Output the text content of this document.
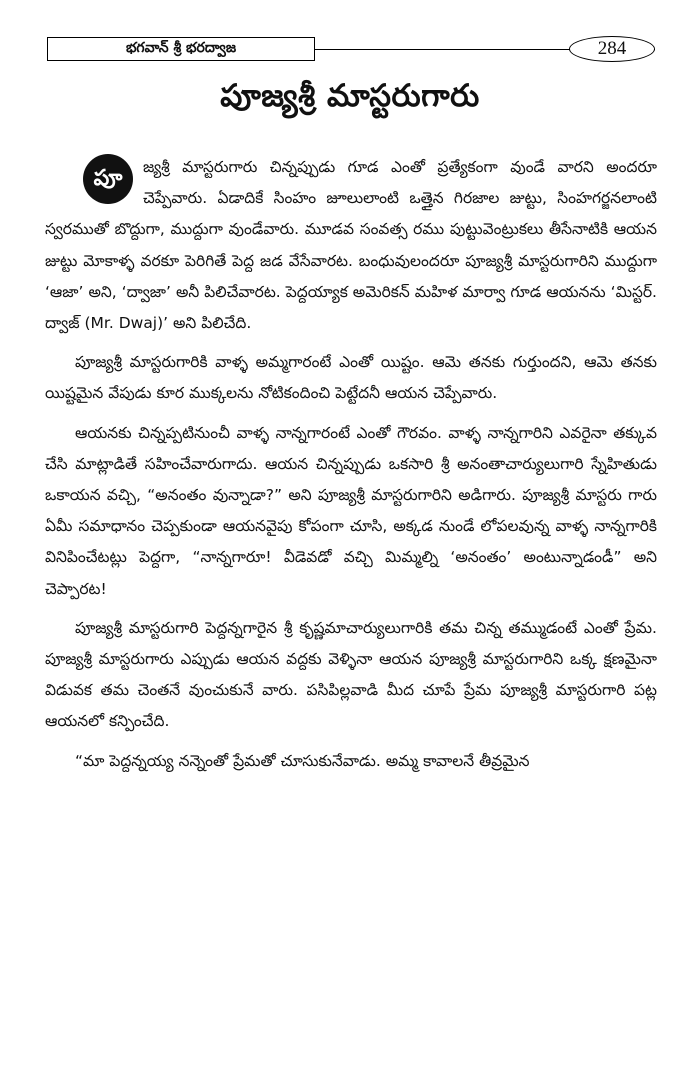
భగవాన్ శ్రీ భరద్వాజ	284
పూజ్యశ్రీ మాస్టరుగారు

పూ	జ్యశ్రీ మాస్టరుగారు చిన్నప్పుడు గూడ ఎంతో ప్రత్యేకంగా వుండే వారని అందరూ చెప్పేవారు. ఏడాదికే సింహం జూలులాంటి ఒత్తైన గిరజాల జుట్టు, సింహగర్జనలాంటి స్వరముతో బొద్దుగా, ముద్దుగా వుండేవారు. మూడవ సంవత్స రము పుట్టువెంట్రుకలు తీసేనాటికి ఆయన జుట్టు మోకాళ్ళ వరకూ పెరిగితే పెద్ద జడ వేసేవారట. బంధువులందరూ పూజ్యశ్రీ మాస్టరుగారిని ముద్దుగా ‘ఆజా’ అని, ‘ద్వాజా’ అనీ పిలిచేవారట. పెద్దయ్యాక అమెరికన్ మహిళ మార్వా గూడ ఆయనను ‘మిస్టర్. ద్వాజ్ (Mr. Dwaj)’ అని పిలిచేది.

పూజ్యశ్రీ మాస్టరుగారికి వాళ్ళ అమ్మగారంటే ఎంతో యిష్టం. ఆమె తనకు గుర్తుందని, ఆమె తనకు యిష్టమైన వేపుడు కూర ముక్కలను నోటికందించి పెట్టేదనీ ఆయన చెప్పేవారు.

ఆయనకు చిన్నప్పటినుంచీ వాళ్ళ నాన్నగారంటే ఎంతో గౌరవం. వాళ్ళ నాన్నగారిని ఎవరైనా తక్కువ చేసి మాట్లాడితే సహించేవారుగాదు. ఆయన చిన్నప్పుడు ఒకసారి శ్రీ అనంతాచార్యులుగారి స్నేహితుడు ఒకాయన వచ్చి, “అనంతం వున్నాడా?” అని పూజ్యశ్రీ మాస్టరుగారిని అడిగారు. పూజ్యశ్రీ మాస్టరు గారు ఏమీ సమాధానం చెప్పకుండా ఆయనవైపు కోపంగా చూసి, అక్కడ నుండే లోపలవున్న వాళ్ళ నాన్నగారికి వినిపించేటట్లు పెద్దగా, “నాన్నగారూ! వీడెవడో వచ్చి మిమ్మల్ని ‘అనంతం’ అంటున్నాడండీ” అని చెప్పారట!

పూజ్యశ్రీ మాస్టరుగారి పెద్దన్నగారైన శ్రీ కృష్ణమాచార్యులుగారికి తమ చిన్న తమ్ముడంటే ఎంతో ప్రేమ. పూజ్యశ్రీ మాస్టరుగారు ఎప్పుడు ఆయన వద్దకు వెళ్ళినా ఆయన పూజ్యశ్రీ మాస్టరుగారిని ఒక్క క్షణమైనా విడువక తమ చెంతనే వుంచుకునే వారు. పసిపిల్లవాడి మీద చూపే ప్రేమ పూజ్యశ్రీ మాస్టరుగారి పట్ల ఆయనలో కన్పించేది.

“మా పెద్దన్నయ్య నన్నెంతో ప్రేమతో చూసుకునేవాడు. అమ్మ కావాలనే తీవ్రమైన
